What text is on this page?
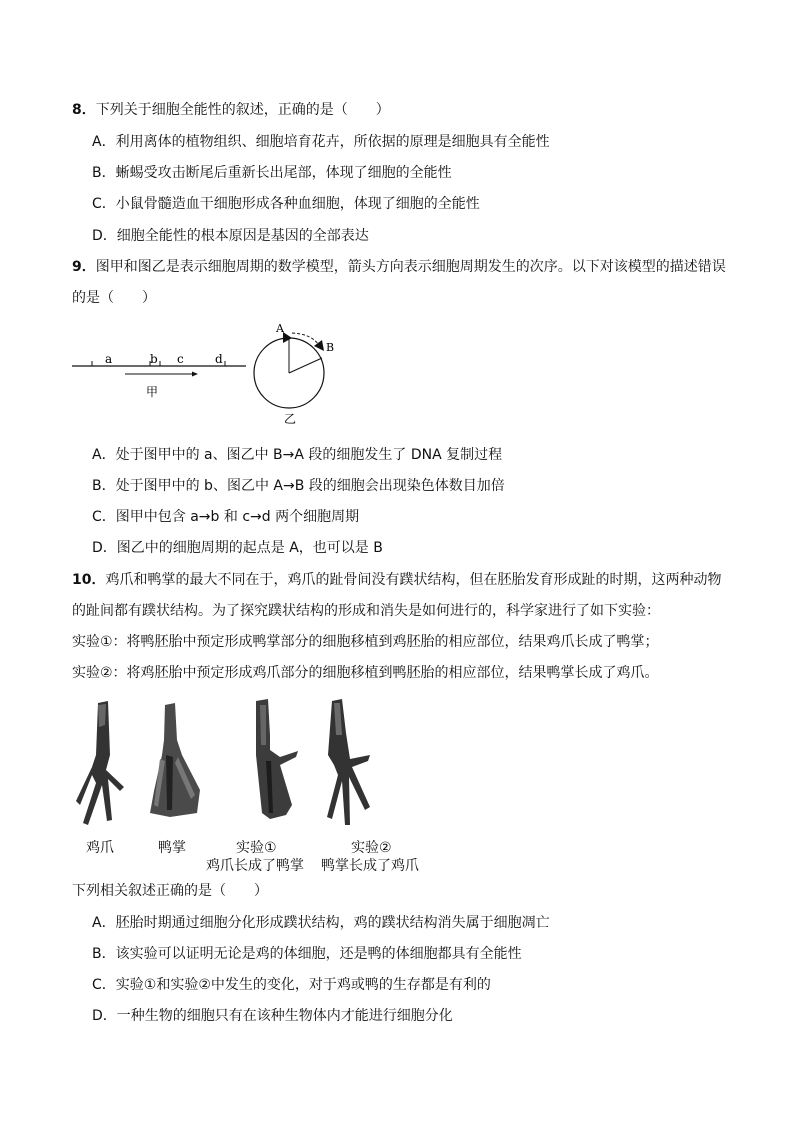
8．下列关于细胞全能性的叙述，正确的是（　　）
A．利用离体的植物组织、细胞培育花卉，所依据的原理是细胞具有全能性
B．蜥蜴受攻击断尾后重新长出尾部，体现了细胞的全能性
C．小鼠骨髓造血干细胞形成各种血细胞，体现了细胞的全能性
D．细胞全能性的根本原因是基因的全部表达
9．图甲和图乙是表示细胞周期的数学模型，箭头方向表示细胞周期发生的次序。以下对该模型的描述错误
的是（　　）
a	b c	d
甲
A
B
乙
A．处于图甲中的 a、图乙中 B→A 段的细胞发生了 DNA 复制过程
B．处于图甲中的 b、图乙中 A→B 段的细胞会出现染色体数目加倍
C．图甲中包含 a→b 和 c→d 两个细胞周期
D．图乙中的细胞周期的起点是 A，也可以是 B
10．鸡爪和鸭掌的最大不同在于，鸡爪的趾骨间没有蹼状结构，但在胚胎发育形成趾的时期，这两种动物
的趾间都有蹼状结构。为了探究蹼状结构的形成和消失是如何进行的，科学家进行了如下实验：
实验①：将鸭胚胎中预定形成鸭掌部分的细胞移植到鸡胚胎的相应部位，结果鸡爪长成了鸭掌；
实验②：将鸡胚胎中预定形成鸡爪部分的细胞移植到鸭胚胎的相应部位，结果鸭掌长成了鸡爪。
鸡爪	鸭掌	实验①	实验②
鸡爪长成了鸭掌 鸭掌长成了鸡爪
下列相关叙述正确的是（　　）
A．胚胎时期通过细胞分化形成蹼状结构，鸡的蹼状结构消失属于细胞凋亡
B．该实验可以证明无论是鸡的体细胞，还是鸭的体细胞都具有全能性
C．实验①和实验②中发生的变化，对于鸡或鸭的生存都是有利的
D．一种生物的细胞只有在该种生物体内才能进行细胞分化
